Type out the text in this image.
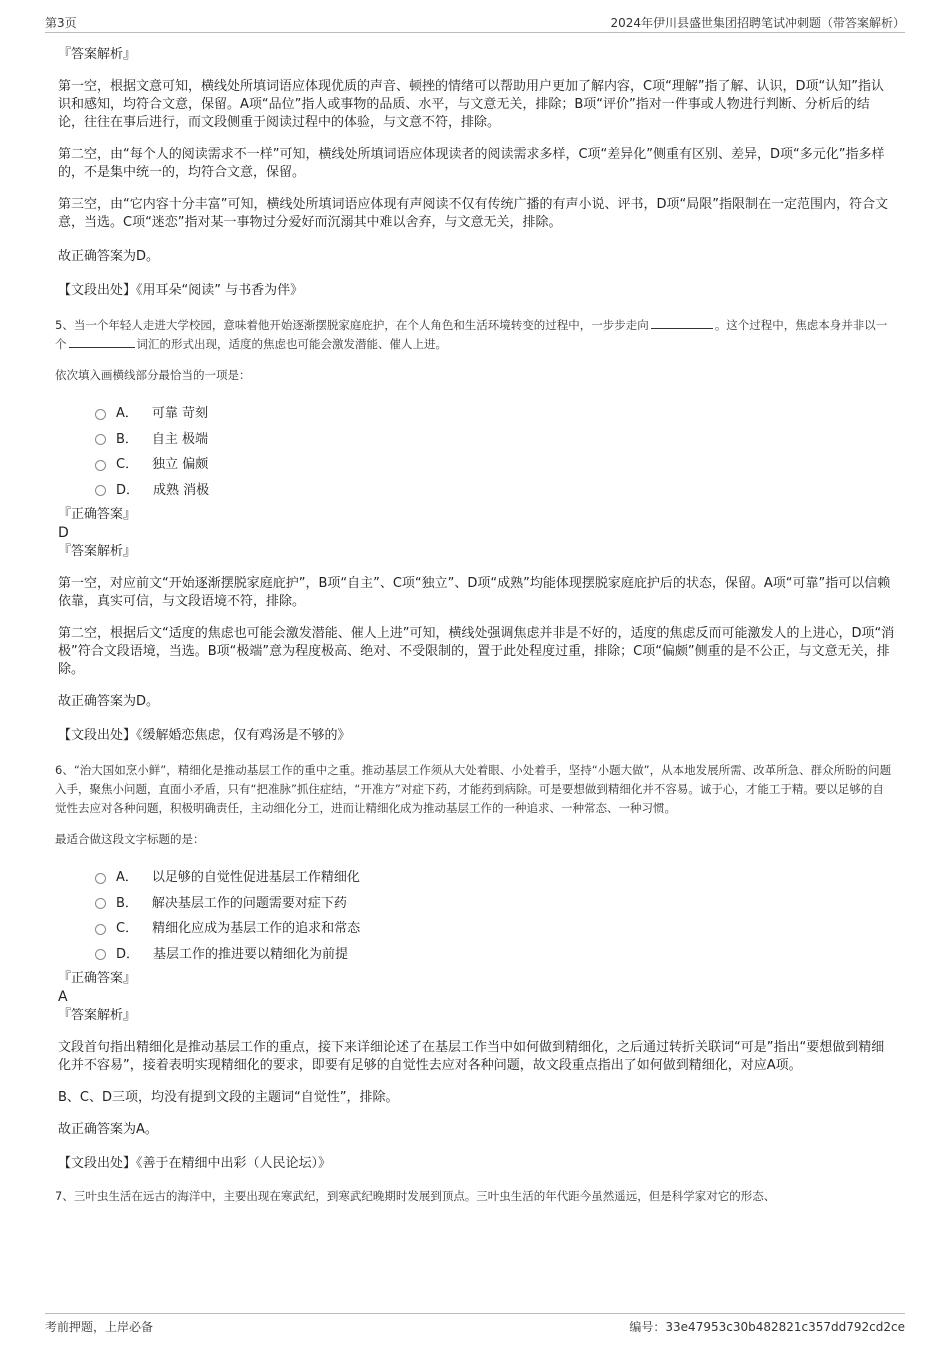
第3页	2024年伊川县盛世集团招聘笔试冲刺题（带答案解析）
『答案解析』
第一空，根据文意可知，横线处所填词语应体现优质的声音、顿挫的情绪可以帮助用户更加了解内容，C项“理解”指了解、认识，D项“认知”指认识和感知，均符合文意，保留。A项“品位”指人或事物的品质、水平，与文意无关，排除；B项“评价”指对一件事或人物进行判断、分析后的结论，往往在事后进行，而文段侧重于阅读过程中的体验，与文意不符，排除。
第二空，由“每个人的阅读需求不一样”可知，横线处所填词语应体现读者的阅读需求多样，C项“差异化”侧重有区别、差异，D项“多元化”指多样的，不是集中统一的，均符合文意，保留。
第三空，由“它内容十分丰富”可知，横线处所填词语应体现有声阅读不仅有传统广播的有声小说、评书，D项“局限”指限制在一定范围内，符合文意，当选。C项“迷恋”指对某一事物过分爱好而沉溺其中难以舍弃，与文意无关，排除。
故正确答案为D。
【文段出处】《用耳朵“阅读” 与书香为伴》
5、当一个年轻人走进大学校园，意味着他开始逐渐摆脱家庭庇护，在个人角色和生活环境转变的过程中，一步步走向	。这个过程中，焦虑本身并非以一个	词汇的形式出现，适度的焦虑也可能会激发潜能、催人上进。
依次填入画横线部分最恰当的一项是：
A． 可靠 苛刻
B． 自主 极端
C． 独立 偏颇
D． 成熟 消极
『正确答案』
D
『答案解析』
第一空，对应前文“开始逐渐摆脱家庭庇护”，B项“自主”、C项“独立”、D项“成熟”均能体现摆脱家庭庇护后的状态，保留。A项“可靠”指可以信赖依靠，真实可信，与文段语境不符，排除。
第二空，根据后文“适度的焦虑也可能会激发潜能、催人上进”可知，横线处强调焦虑并非是不好的，适度的焦虑反而可能激发人的上进心，D项“消极”符合文段语境，当选。B项“极端”意为程度极高、绝对、不受限制的，置于此处程度过重，排除；C项“偏颇”侧重的是不公正，与文意无关，排除。
故正确答案为D。
【文段出处】《缓解婚恋焦虑，仅有鸡汤是不够的》
6、“治大国如烹小鲜”，精细化是推动基层工作的重中之重。推动基层工作须从大处着眼、小处着手，坚持“小题大做”，从本地发展所需、改革所急、群众所盼的问题入手，聚焦小问题，直面小矛盾，只有“把准脉”抓住症结，“开准方”对症下药，才能药到病除。可是要想做到精细化并不容易。诚于心，才能工于精。要以足够的自觉性去应对各种问题，积极明确责任，主动细化分工，进而让精细化成为推动基层工作的一种追求、一种常态、一种习惯。
最适合做这段文字标题的是：
A． 以足够的自觉性促进基层工作精细化
B． 解决基层工作的问题需要对症下药
C． 精细化应成为基层工作的追求和常态
D． 基层工作的推进要以精细化为前提
『正确答案』
A
『答案解析』
文段首句指出精细化是推动基层工作的重点，接下来详细论述了在基层工作当中如何做到精细化，之后通过转折关联词“可是”指出“要想做到精细化并不容易”，接着表明实现精细化的要求，即要有足够的自觉性去应对各种问题，故文段重点指出了如何做到精细化，对应A项。
B、C、D三项，均没有提到文段的主题词“自觉性”，排除。
故正确答案为A。
【文段出处】《善于在精细中出彩（人民论坛）》
7、三叶虫生活在远古的海洋中，主要出现在寒武纪，到寒武纪晚期时发展到顶点。三叶虫生活的年代距今虽然遥远，但是科学家对它的形态、
考前押题，上岸必备	编号：33e47953c30b482821c357dd792cd2ce
